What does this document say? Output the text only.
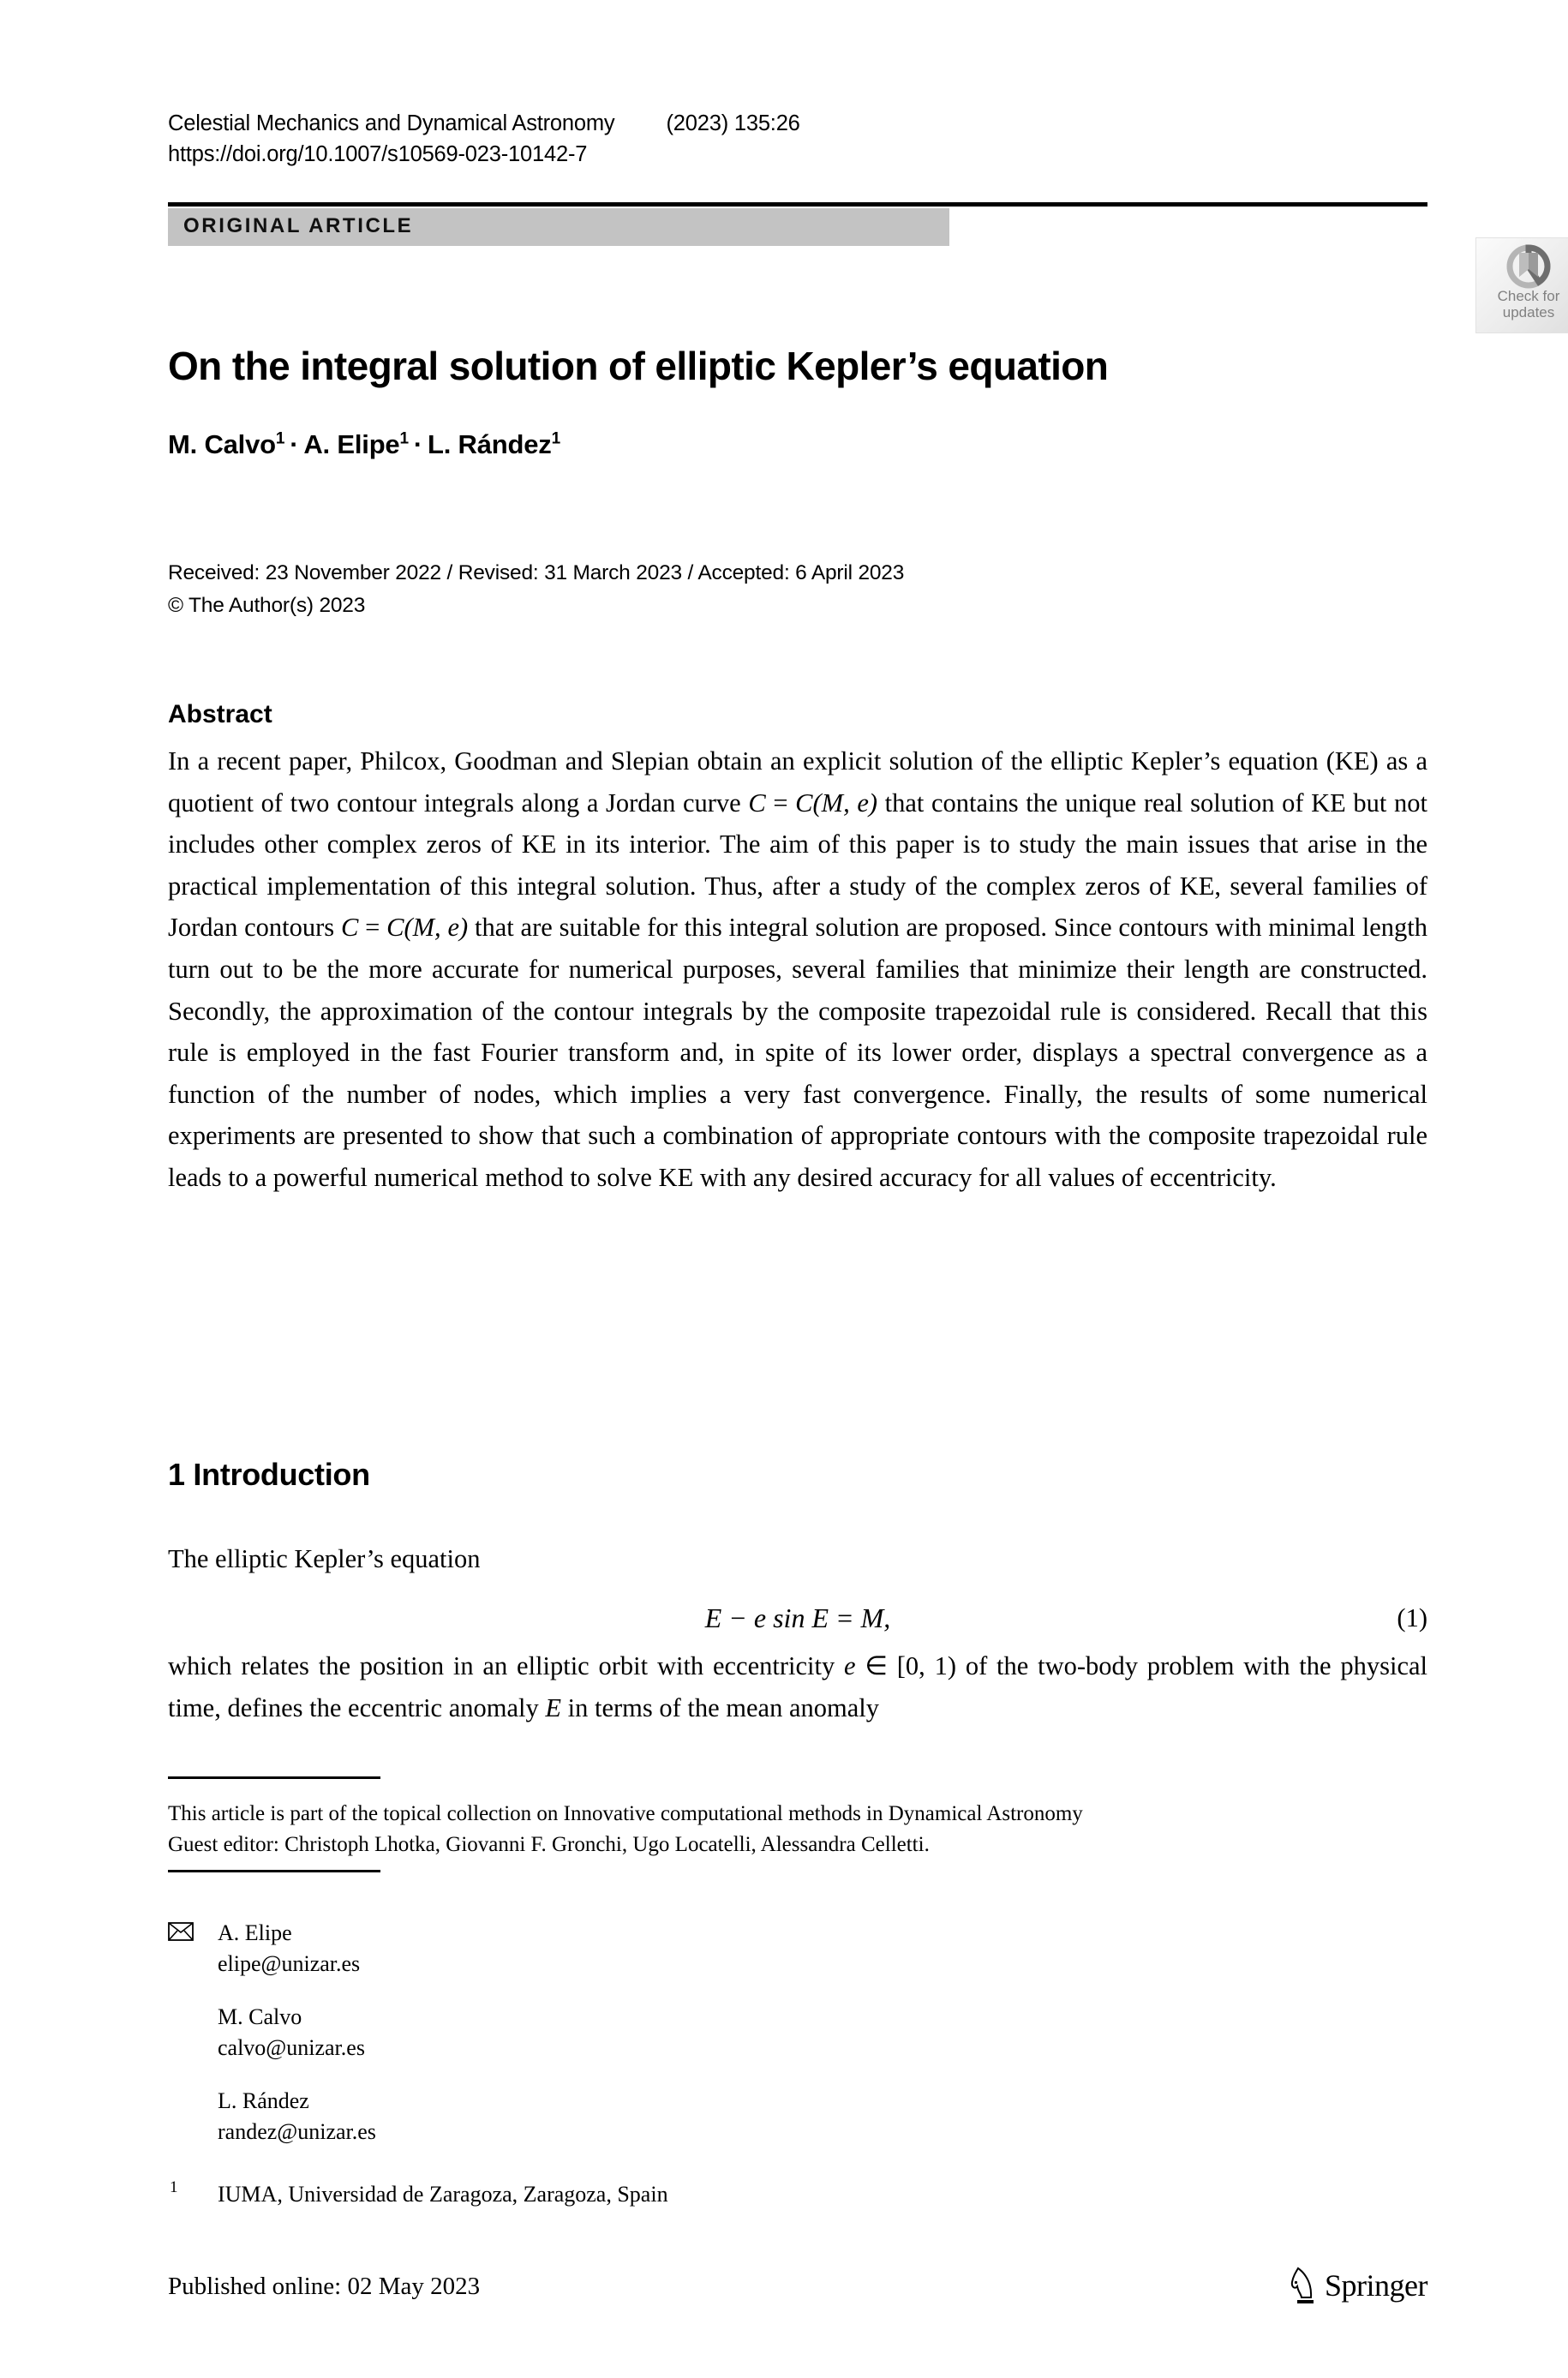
Celestial Mechanics and Dynamical Astronomy (2023) 135:26
https://doi.org/10.1007/s10569-023-10142-7
ORIGINAL ARTICLE
Check for
updates
On the integral solution of elliptic Kepler’s equation
M. Calvo$^1$ · A. Elipe$^1$ · L. Rández$^1$
Received: 23 November 2022 / Revised: 31 March 2023 / Accepted: 6 April 2023
© The Author(s) 2023
Abstract
In a recent paper, Philcox, Goodman and Slepian obtain an explicit solution of the elliptic Kepler’s equation (KE) as a quotient of two contour integrals along a Jordan curve C = C(M, e) that contains the unique real solution of KE but not includes other complex zeros of KE in its interior. The aim of this paper is to study the main issues that arise in the practical implementation of this integral solution. Thus, after a study of the complex zeros of KE, several families of Jordan contours C = C(M, e) that are suitable for this integral solution are proposed. Since contours with minimal length turn out to be the more accurate for numerical purposes, several families that minimize their length are constructed. Secondly, the approximation of the contour integrals by the composite trapezoidal rule is considered. Recall that this rule is employed in the fast Fourier transform and, in spite of its lower order, displays a spectral convergence as a function of the number of nodes, which implies a very fast convergence. Finally, the results of some numerical experiments are presented to show that such a combination of appropriate contours with the composite trapezoidal rule leads to a powerful numerical method to solve KE with any desired accuracy for all values of eccentricity.
1 Introduction
The elliptic Kepler’s equation
E − e sin E = M,	(1)
which relates the position in an elliptic orbit with eccentricity e ∈ [0, 1) of the two-body problem with the physical time, defines the eccentric anomaly E in terms of the mean anomaly
This article is part of the topical collection on Innovative computational methods in Dynamical Astronomy
Guest editor: Christoph Lhotka, Giovanni F. Gronchi, Ugo Locatelli, Alessandra Celletti.
A. Elipe
elipe@unizar.es
M. Calvo
calvo@unizar.es
L. Rández
randez@unizar.es
1 IUMA, Universidad de Zaragoza, Zaragoza, Spain
Published online: 02 May 2023	Springer
